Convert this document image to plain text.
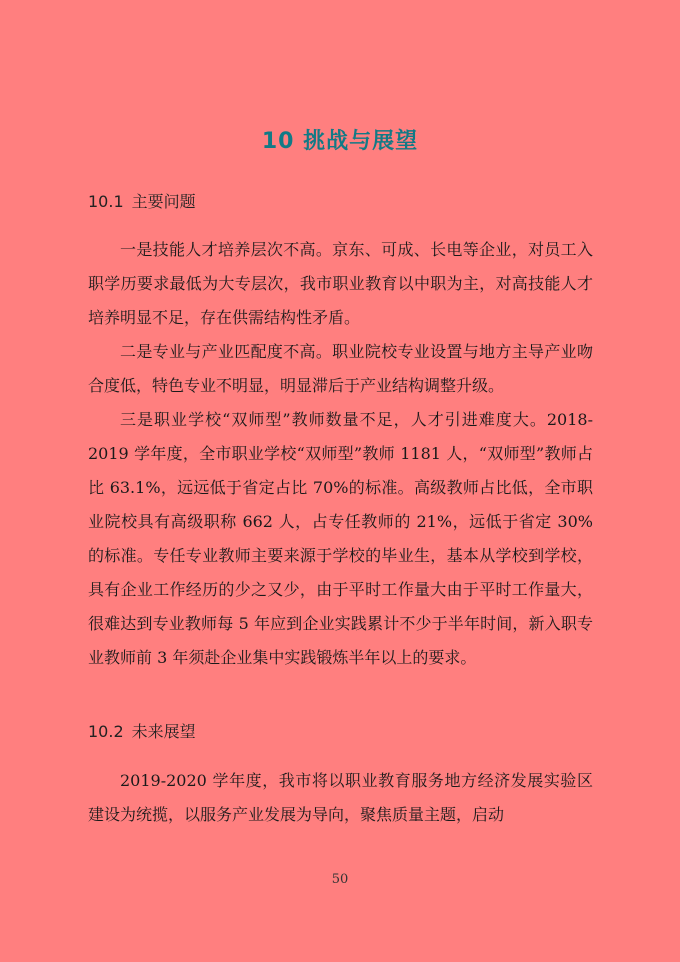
10 挑战与展望
10.1 主要问题

一是技能人才培养层次不高。京东、可成、长电等企业，对员工入职学历要求最低为大专层次，我市职业教育以中职为主，对高技能人才培养明显不足，存在供需结构性矛盾。

二是专业与产业匹配度不高。职业院校专业设置与地方主导产业吻合度低，特色专业不明显，明显滞后于产业结构调整升级。

三是职业学校“双师型”教师数量不足，人才引进难度大。2018-2019 学年度，全市职业学校“双师型”教师 1181 人，“双师型”教师占比 63.1%，远远低于省定占比 70%的标准。高级教师占比低，全市职业院校具有高级职称 662 人，占专任教师的 21%，远低于省定 30%的标准。专任专业教师主要来源于学校的毕业生，基本从学校到学校，具有企业工作经历的少之又少，由于平时工作量大由于平时工作量大，很难达到专业教师每 5 年应到企业实践累计不少于半年时间，新入职专业教师前 3 年须赴企业集中实践锻炼半年以上的要求。

10.2 未来展望

2019-2020 学年度，我市将以职业教育服务地方经济发展实验区建设为统揽，以服务产业发展为导向，聚焦质量主题，启动

50
